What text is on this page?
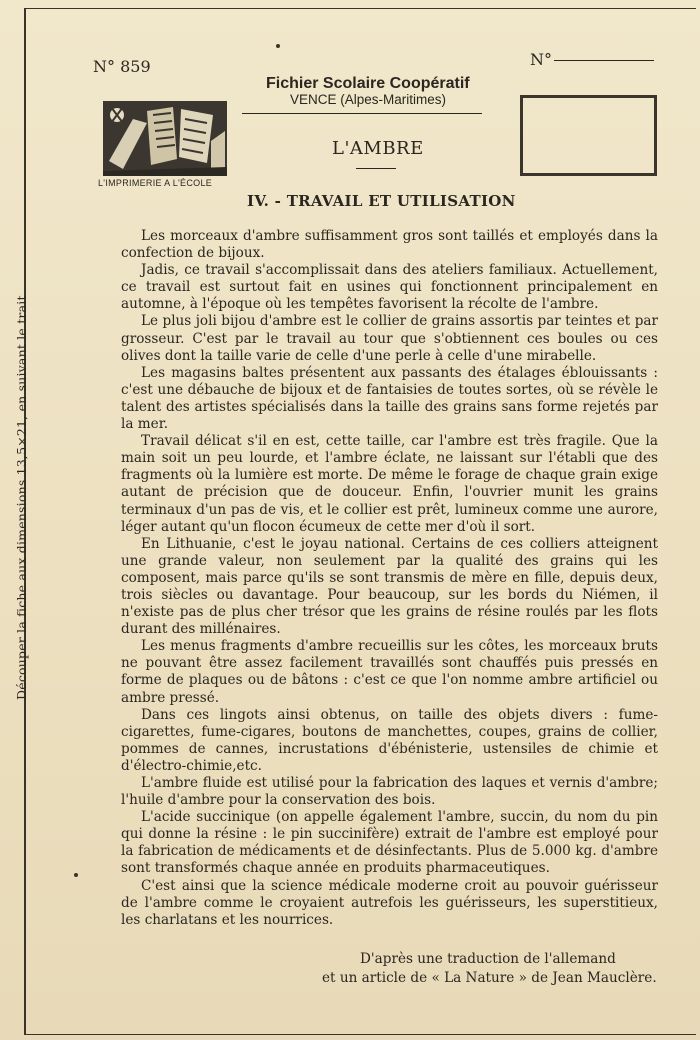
Découper la fiche aux dimensions 13,5×21, en suivant le trait
N° 859	N°
Fichier Scolaire Coopératif
VENCE (Alpes-Maritimes)
L'IMPRIMERIE A L'ÉCOLE
L'AMBRE
IV. - TRAVAIL ET UTILISATION

Les morceaux d'ambre suffisamment gros sont taillés et employés dans la confection de bijoux.

Jadis, ce travail s'accomplissait dans des ateliers familiaux. Actuellement, ce travail est surtout fait en usines qui fonctionnent principalement en automne, à l'époque où les tempêtes favorisent la récolte de l'ambre.

Le plus joli bijou d'ambre est le collier de grains assortis par teintes et par grosseur. C'est par le travail au tour que s'obtiennent ces boules ou ces olives dont la taille varie de celle d'une perle à celle d'une mirabelle.

Les magasins baltes présentent aux passants des étalages éblouissants : c'est une débauche de bijoux et de fantaisies de toutes sortes, où se révèle le talent des artistes spécialisés dans la taille des grains sans forme rejetés par la mer.

Travail délicat s'il en est, cette taille, car l'ambre est très fragile. Que la main soit un peu lourde, et l'ambre éclate, ne laissant sur l'établi que des fragments où la lumière est morte. De même le forage de chaque grain exige autant de précision que de douceur. Enfin, l'ouvrier munit les grains terminaux d'un pas de vis, et le collier est prêt, lumineux comme une aurore, léger autant qu'un flocon écumeux de cette mer d'où il sort.

En Lithuanie, c'est le joyau national. Certains de ces colliers atteignent une grande valeur, non seulement par la qualité des grains qui les composent, mais parce qu'ils se sont transmis de mère en fille, depuis deux, trois siècles ou davantage. Pour beaucoup, sur les bords du Niémen, il n'existe pas de plus cher trésor que les grains de résine roulés par les flots durant des millénaires.

Les menus fragments d'ambre recueillis sur les côtes, les morceaux bruts ne pouvant être assez facilement travaillés sont chauffés puis pressés en forme de plaques ou de bâtons : c'est ce que l'on nomme ambre artificiel ou ambre pressé.

Dans ces lingots ainsi obtenus, on taille des objets divers : fume-cigarettes, fume-cigares, boutons de manchettes, coupes, grains de collier, pommes de cannes, incrustations d'ébénisterie, ustensiles de chimie et d'électro-chimie,etc.

L'ambre fluide est utilisé pour la fabrication des laques et vernis d'ambre; l'huile d'ambre pour la conservation des bois.

L'acide succinique (on appelle également l'ambre, succin, du nom du pin qui donne la résine : le pin succinifère) extrait de l'ambre est employé pour la fabrication de médicaments et de désinfectants. Plus de 5.000 kg. d'ambre sont transformés chaque année en produits pharmaceutiques.

C'est ainsi que la science médicale moderne croit au pouvoir guérisseur de l'ambre comme le croyaient autrefois les guérisseurs, les superstitieux, les charlatans et les nourrices.

D'après une traduction de l'allemand
et un article de « La Nature » de Jean Mauclère.
